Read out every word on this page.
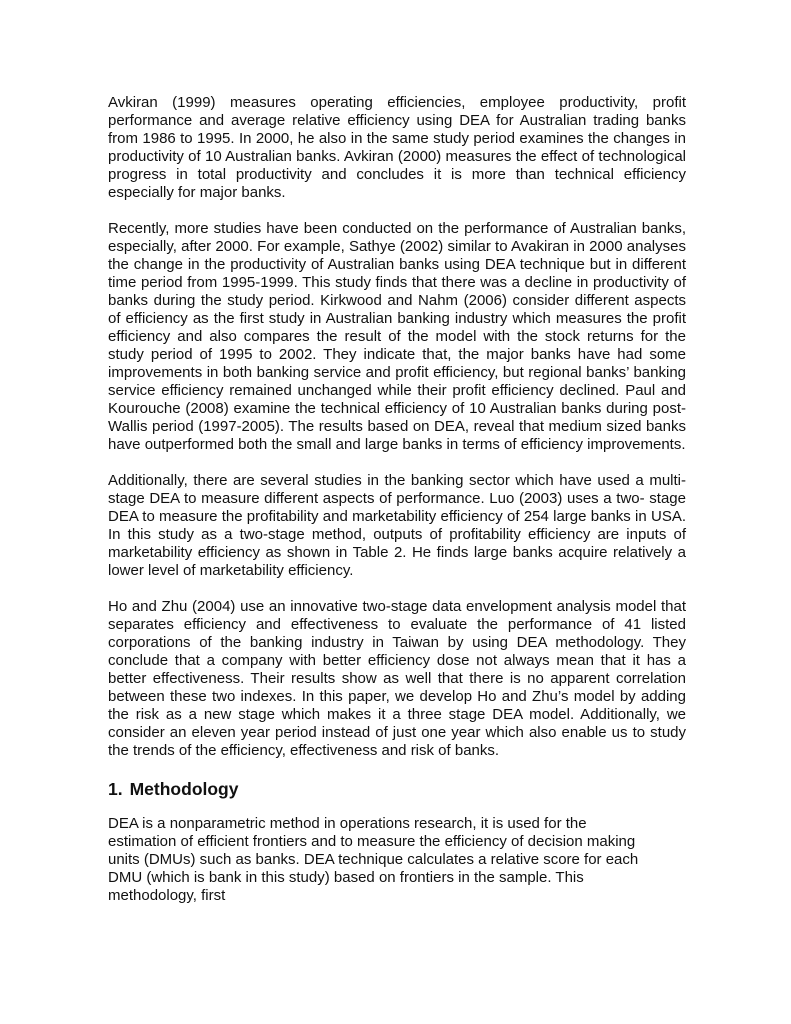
Avkiran (1999) measures operating efficiencies, employee productivity, profit performance and average relative efficiency using DEA for Australian trading banks from 1986 to 1995. In 2000, he also in the same study period examines the changes in productivity of 10 Australian banks. Avkiran (2000) measures the effect of technological progress in total productivity and concludes it is more than technical efficiency especially for major banks.

Recently, more studies have been conducted on the performance of Australian banks, especially, after 2000. For example, Sathye (2002) similar to Avakiran in 2000 analyses the change in the productivity of Australian banks using DEA technique but in different time period from 1995-1999. This study finds that there was a decline in productivity of banks during the study period. Kirkwood and Nahm (2006) consider different aspects of efficiency as the first study in Australian banking industry which measures the profit efficiency and also compares the result of the model with the stock returns for the study period of 1995 to 2002. They indicate that, the major banks have had some improvements in both banking service and profit efficiency, but regional banks’ banking service efficiency remained unchanged while their profit efficiency declined. Paul and Kourouche (2008) examine the technical efficiency of 10 Australian banks during post-Wallis period (1997-2005). The results based on DEA, reveal that medium sized banks have outperformed both the small and large banks in terms of efficiency improvements.

Additionally, there are several studies in the banking sector which have used a multi- stage DEA to measure different aspects of performance. Luo (2003) uses a two- stage DEA to measure the profitability and marketability efficiency of 254 large banks in USA. In this study as a two-stage method, outputs of profitability efficiency are inputs of marketability efficiency as shown in Table 2. He finds large banks acquire relatively a lower level of marketability efficiency.

Ho and Zhu (2004) use an innovative two-stage data envelopment analysis model that separates efficiency and effectiveness to evaluate the performance of 41 listed corporations of the banking industry in Taiwan by using DEA methodology. They conclude that a company with better efficiency dose not always mean that it has a better effectiveness. Their results show as well that there is no apparent correlation between these two indexes. In this paper, we develop Ho and Zhu’s model by adding the risk as a new stage which makes it a three stage DEA model. Additionally, we consider an eleven year period instead of just one year which also enable us to study the trends of the efficiency, effectiveness and risk of banks.

1. Methodology

DEA is a nonparametric method in operations research, it is used for the
estimation of efficient frontiers and to measure the efficiency of decision making
units (DMUs) such as banks. DEA technique calculates a relative score for each
DMU (which is bank in this study) based on frontiers in the sample. This
methodology, first
